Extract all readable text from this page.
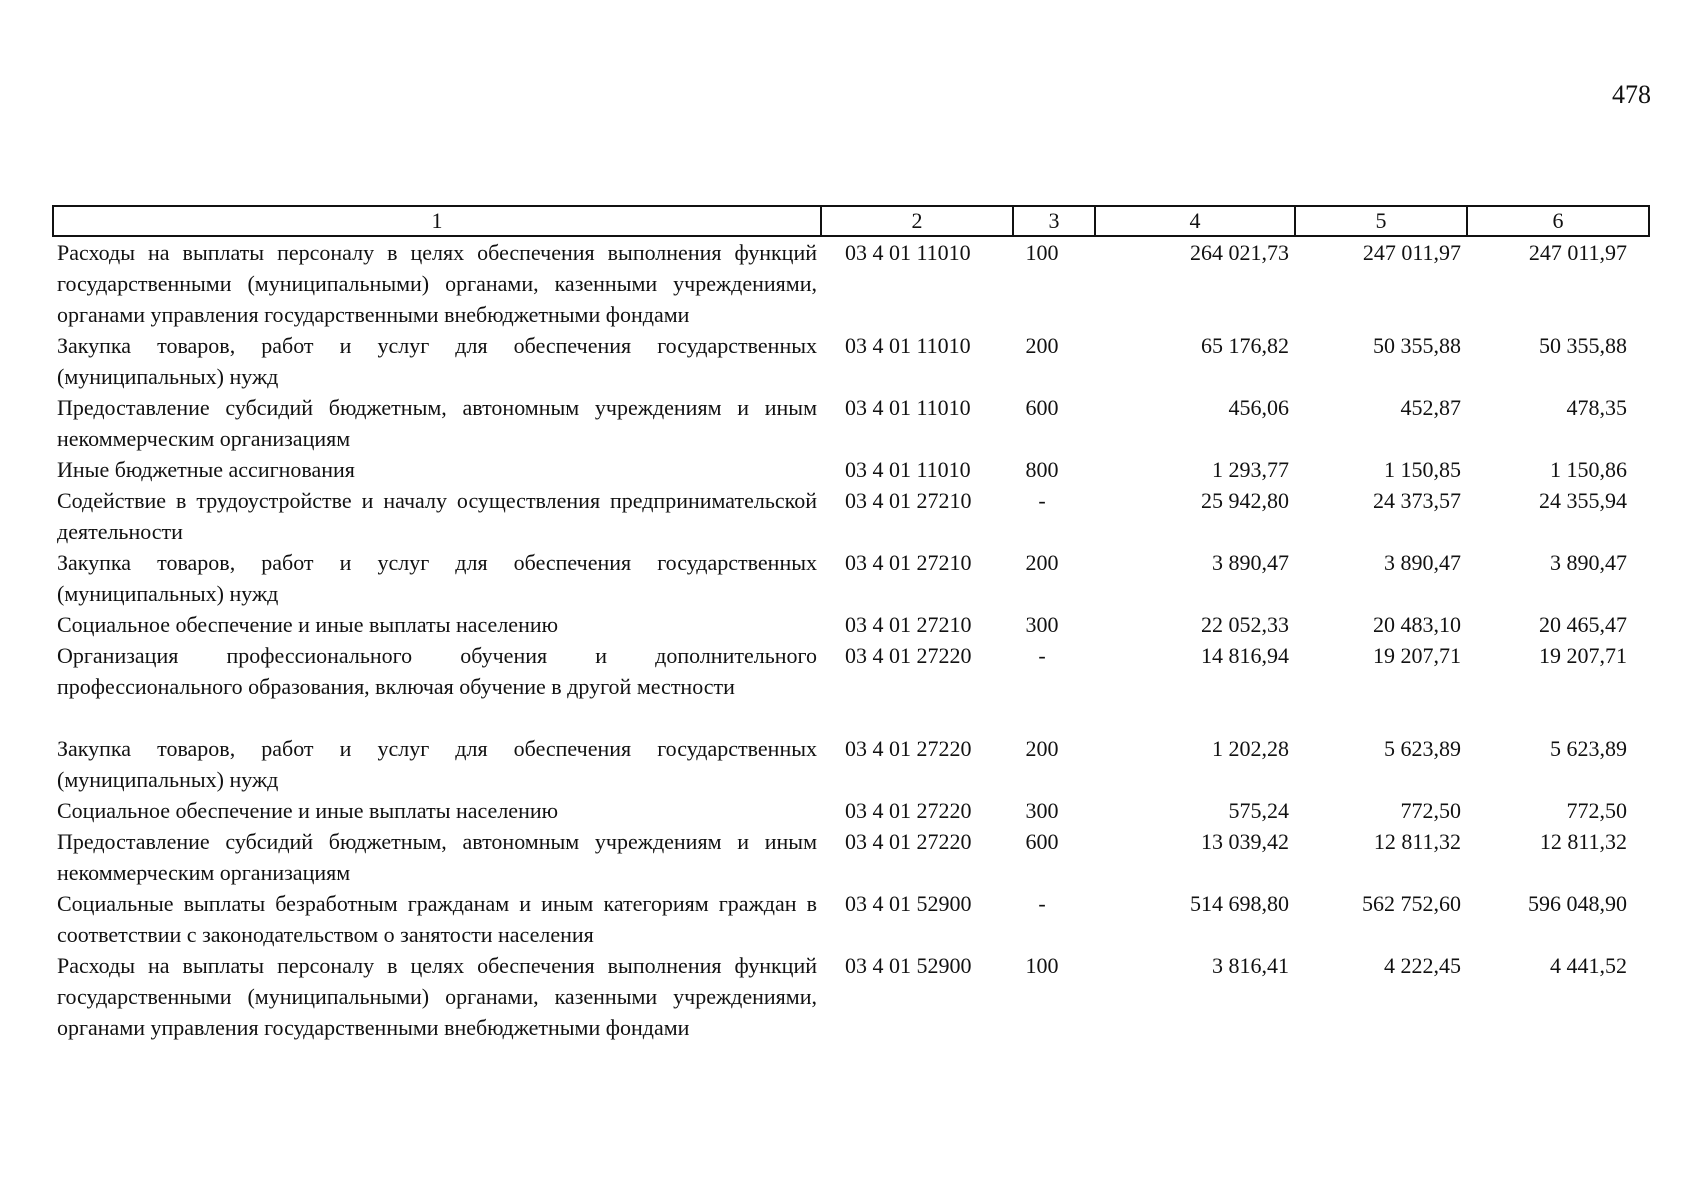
478
1	2	3	4	5	6
Расходы на выплаты персоналу в целях обеспечения выполнения функций государственными (муниципальными) органами, казенными учреждениями, органами управления государственными внебюджетными фондами	03 4 01 11010	100	264 021,73	247 011,97	247 011,97
Закупка товаров, работ и услуг для обеспечения государственных (муниципальных) нужд	03 4 01 11010	200	65 176,82	50 355,88	50 355,88
Предоставление субсидий бюджетным, автономным учреждениям и иным некоммерческим организациям	03 4 01 11010	600	456,06	452,87	478,35
Иные бюджетные ассигнования	03 4 01 11010	800	1 293,77	1 150,85	1 150,86
Содействие в трудоустройстве и началу осуществления предпринимательской деятельности	03 4 01 27210	-	25 942,80	24 373,57	24 355,94
Закупка товаров, работ и услуг для обеспечения государственных (муниципальных) нужд	03 4 01 27210	200	3 890,47	3 890,47	3 890,47
Социальное обеспечение и иные выплаты населению	03 4 01 27210	300	22 052,33	20 483,10	20 465,47
Организация профессионального обучения и дополнительного профессионального образования, включая обучение в другой местности	03 4 01 27220	-	14 816,94	19 207,71	19 207,71
Закупка товаров, работ и услуг для обеспечения государственных (муниципальных) нужд	03 4 01 27220	200	1 202,28	5 623,89	5 623,89
Социальное обеспечение и иные выплаты населению	03 4 01 27220	300	575,24	772,50	772,50
Предоставление субсидий бюджетным, автономным учреждениям и иным некоммерческим организациям	03 4 01 27220	600	13 039,42	12 811,32	12 811,32
Социальные выплаты безработным гражданам и иным категориям граждан в соответствии с законодательством о занятости населения	03 4 01 52900	-	514 698,80	562 752,60	596 048,90
Расходы на выплаты персоналу в целях обеспечения выполнения функций государственными (муниципальными) органами, казенными учреждениями, органами управления государственными внебюджетными фондами	03 4 01 52900	100	3 816,41	4 222,45	4 441,52
